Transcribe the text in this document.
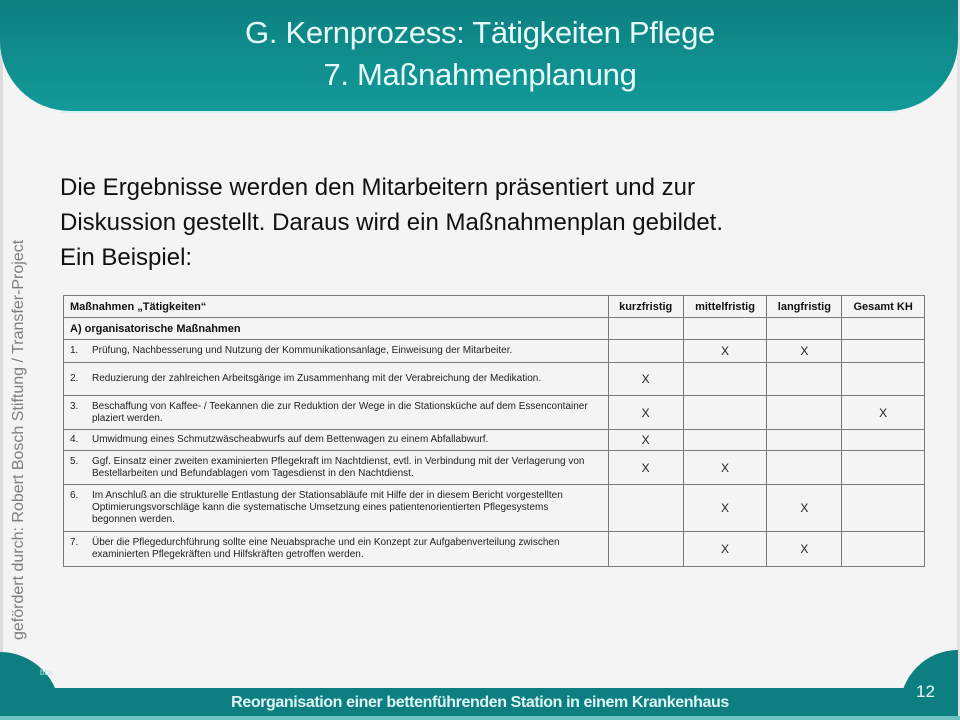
G. Kernprozess: Tätigkeiten Pflege
7. Maßnahmenplanung
gefördert durch: Robert Bosch Stiftung / Transfer-Project
Die Ergebnisse werden den Mitarbeitern präsentiert und zur
Diskussion gestellt. Daraus wird ein Maßnahmenplan gebildet.
Ein Beispiel:
Maßnahmen „Tätigkeiten“	kurzfristig	mittelfristig	langfristig	Gesamt KH
A) organisatorische Maßnahmen				
1. Prüfung, Nachbesserung und Nutzung der Kommunikationsanlage, Einweisung der Mitarbeiter.		X	X	
2. Reduzierung der zahlreichen Arbeitsgänge im Zusammenhang mit der Verabreichung der Medikation.	X			
3. Beschaffung von Kaffee- / Teekannen die zur Reduktion der Wege in die Stationsküche auf dem Essencontainer plaziert werden.	X			X
4. Umwidmung eines Schmutzwäscheabwurfs auf dem Bettenwagen zu einem Abfallabwurf.	X			
5. Ggf. Einsatz einer zweiten examinierten Pflegekraft im Nachtdienst, evtl. in Verbindung mit der Verlagerung von Bestellarbeiten und Befundablagen vom Tagesdienst in den Nachtdienst.	X	X		
6. Im Anschluß an die strukturelle Entlastung der Stationsabläufe mit Hilfe der in diesem Bericht vorgestellten Optimierungsvorschläge kann die systematische Umsetzung eines patientenorientierten Pflegesystems begonnen werden.		X	X	
7. Über die Pflegedurchführung sollte eine Neuabsprache und ein Konzept zur Aufgabenverteilung zwischen examinierten Pflegekräften und Hilfskräften getroffen werden.		X	X	
bbs
Reorganisation einer bettenführenden Station in einem Krankenhaus
12
